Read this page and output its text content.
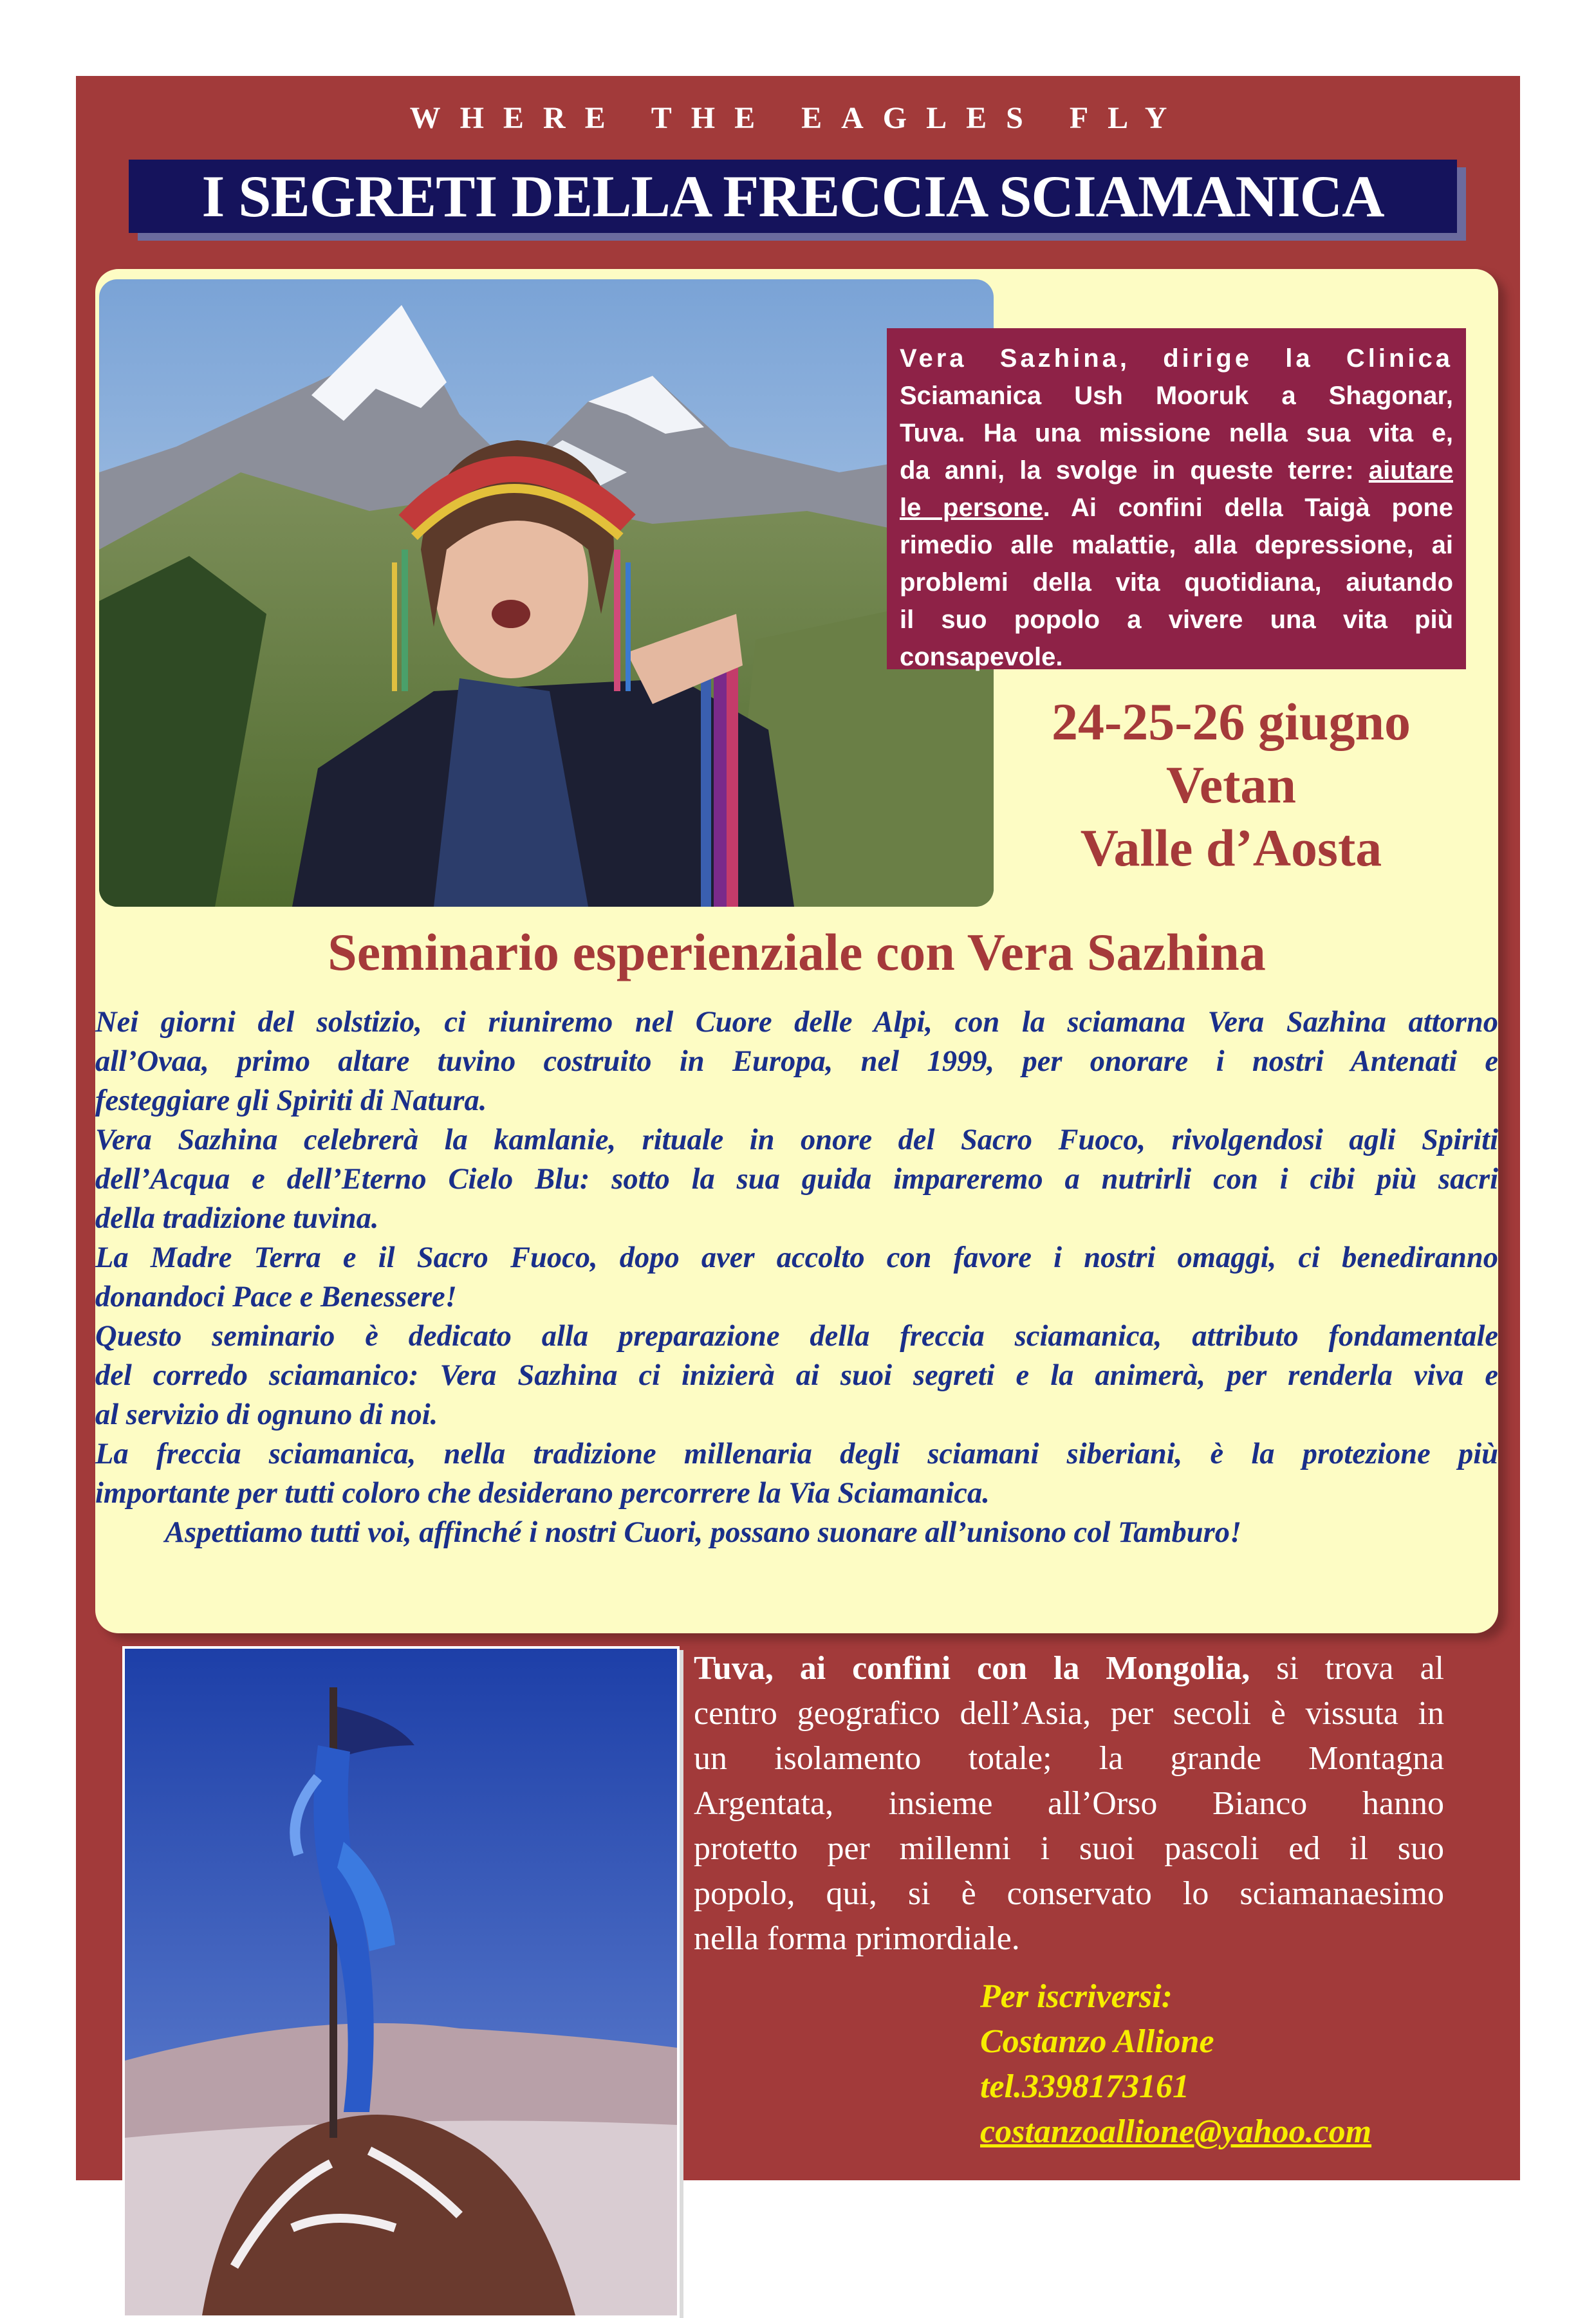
WHERE THE EAGLES FLY
I SEGRETI DELLA FRECCIA SCIAMANICA
Vera Sazhina, dirige la Clinica
Sciamanica Ush Mooruk a Shagonar,
Tuva. Ha una missione nella sua vita e,
da anni, la svolge in queste terre: aiutare
le persone. Ai confini della Taigà pone
rimedio alle malattie, alla depressione, ai
problemi della vita quotidiana, aiutando
il suo popolo a vivere una vita più
consapevole.
24-25-26 giugno
Vetan
Valle d’Aosta
Seminario esperienziale con Vera Sazhina

Nei giorni del solstizio, ci riuniremo nel Cuore delle Alpi, con la sciamana Vera Sazhina attorno

all’Ovaa, primo altare tuvino costruito in Europa, nel 1999, per onorare i nostri Antenati e

festeggiare gli Spiriti di Natura.

Vera Sazhina celebrerà la kamlanie, rituale in onore del Sacro Fuoco, rivolgendosi agli Spiriti

dell’Acqua e dell’Eterno Cielo Blu: sotto la sua guida impareremo a nutrirli con i cibi più sacri

della tradizione tuvina.

La Madre Terra e il Sacro Fuoco, dopo aver accolto con favore i nostri omaggi, ci benediranno

donandoci Pace e Benessere!

Questo seminario è dedicato alla preparazione della freccia sciamanica, attributo fondamentale

del corredo sciamanico: Vera Sazhina ci inizierà ai suoi segreti e la animerà, per renderla viva e

al servizio di ognuno di noi.

La freccia sciamanica, nella tradizione millenaria degli sciamani siberiani, è la protezione più

importante per tutti coloro che desiderano percorrere la Via Sciamanica.

Aspettiamo tutti voi, affinché i nostri Cuori, possano suonare all’unisono col Tamburo!

Tuva, ai confini con la Mongolia, si trova al

centro geografico dell’Asia, per secoli è vissuta in

un isolamento totale; la grande Montagna

Argentata, insieme all’Orso Bianco hanno

protetto per millenni i suoi pascoli ed il suo

popolo, qui, si è conservato lo sciamanaesimo

nella forma primordiale.

Per iscriversi:
Costanzo Allione
tel.3398173161
costanzoallione@yahoo.com
